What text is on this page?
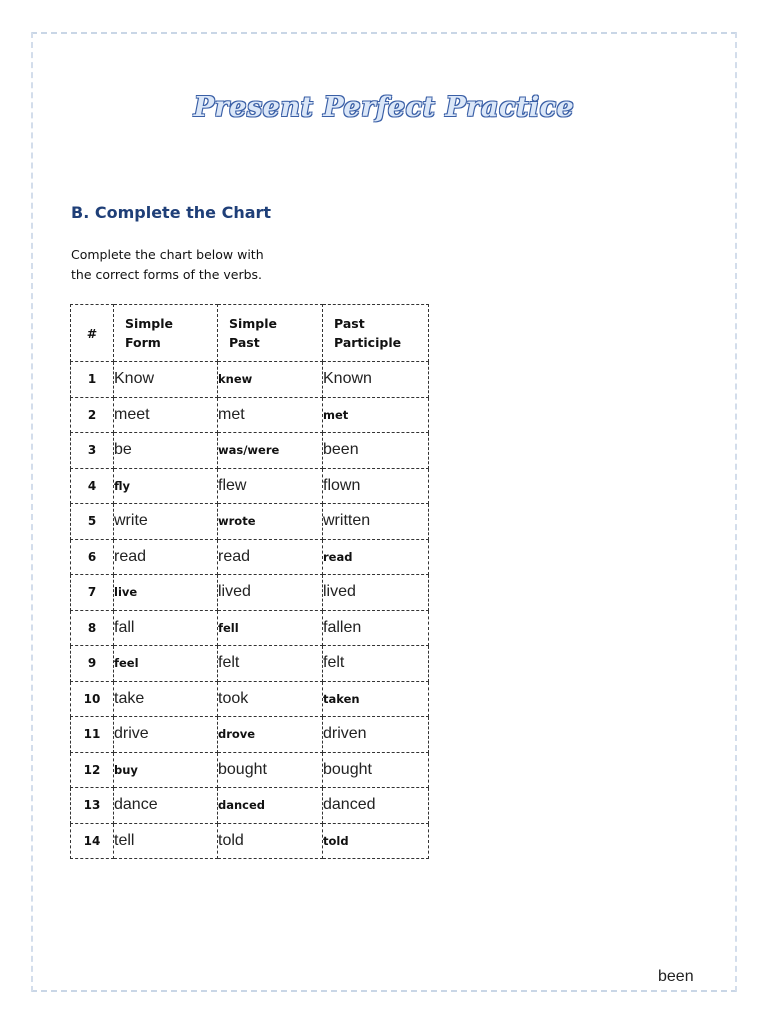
Present Perfect Practice
B. Complete the Chart
Complete the chart below with
the correct forms of the verbs.
#	Simple Form	Simple Past	Past Participle

1	Know	knew	Known
2	meet	met	met
3	be	was/were	been
4	fly	flew	flown
5	write	wrote	written
6	read	read	read
7	live	lived	lived
8	fall	fell	fallen
9	feel	felt	felt
10	take	took	taken
11	drive	drove	driven
12	buy	bought	bought
13	dance	danced	danced
14	tell	told	told
been
